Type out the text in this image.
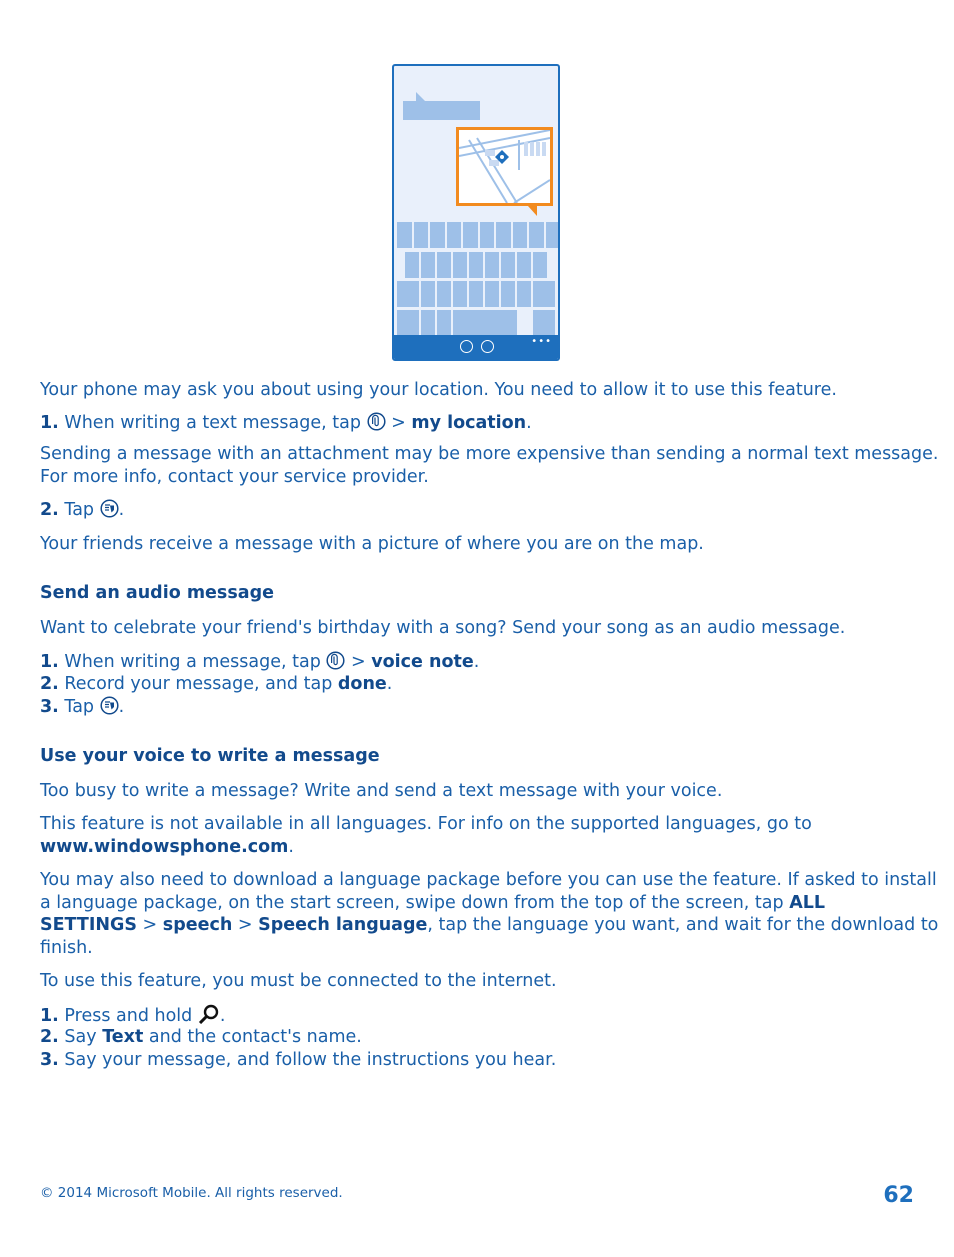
•••
Your phone may ask you about using your location. You need to allow it to use this feature.
1. When writing a text message, tap > my location.
Sending a message with an attachment may be more expensive than sending a normal text message.
For more info, contact your service provider.
2. Tap .
Your friends receive a message with a picture of where you are on the map.
Send an audio message
Want to celebrate your friend's birthday with a song? Send your song as an audio message.
1. When writing a message, tap > voice note.
2. Record your message, and tap done.
3. Tap .
Use your voice to write a message
Too busy to write a message? Write and send a text message with your voice.
This feature is not available in all languages. For info on the supported languages, go to
www.windowsphone.com.
You may also need to download a language package before you can use the feature. If asked to install
a language package, on the start screen, swipe down from the top of the screen, tap ALL
SETTINGS > speech > Speech language, tap the language you want, and wait for the download to
finish.
To use this feature, you must be connected to the internet.
1. Press and hold .
2. Say Text and the contact's name.
3. Say your message, and follow the instructions you hear.
© 2014 Microsoft Mobile. All rights reserved.	62
